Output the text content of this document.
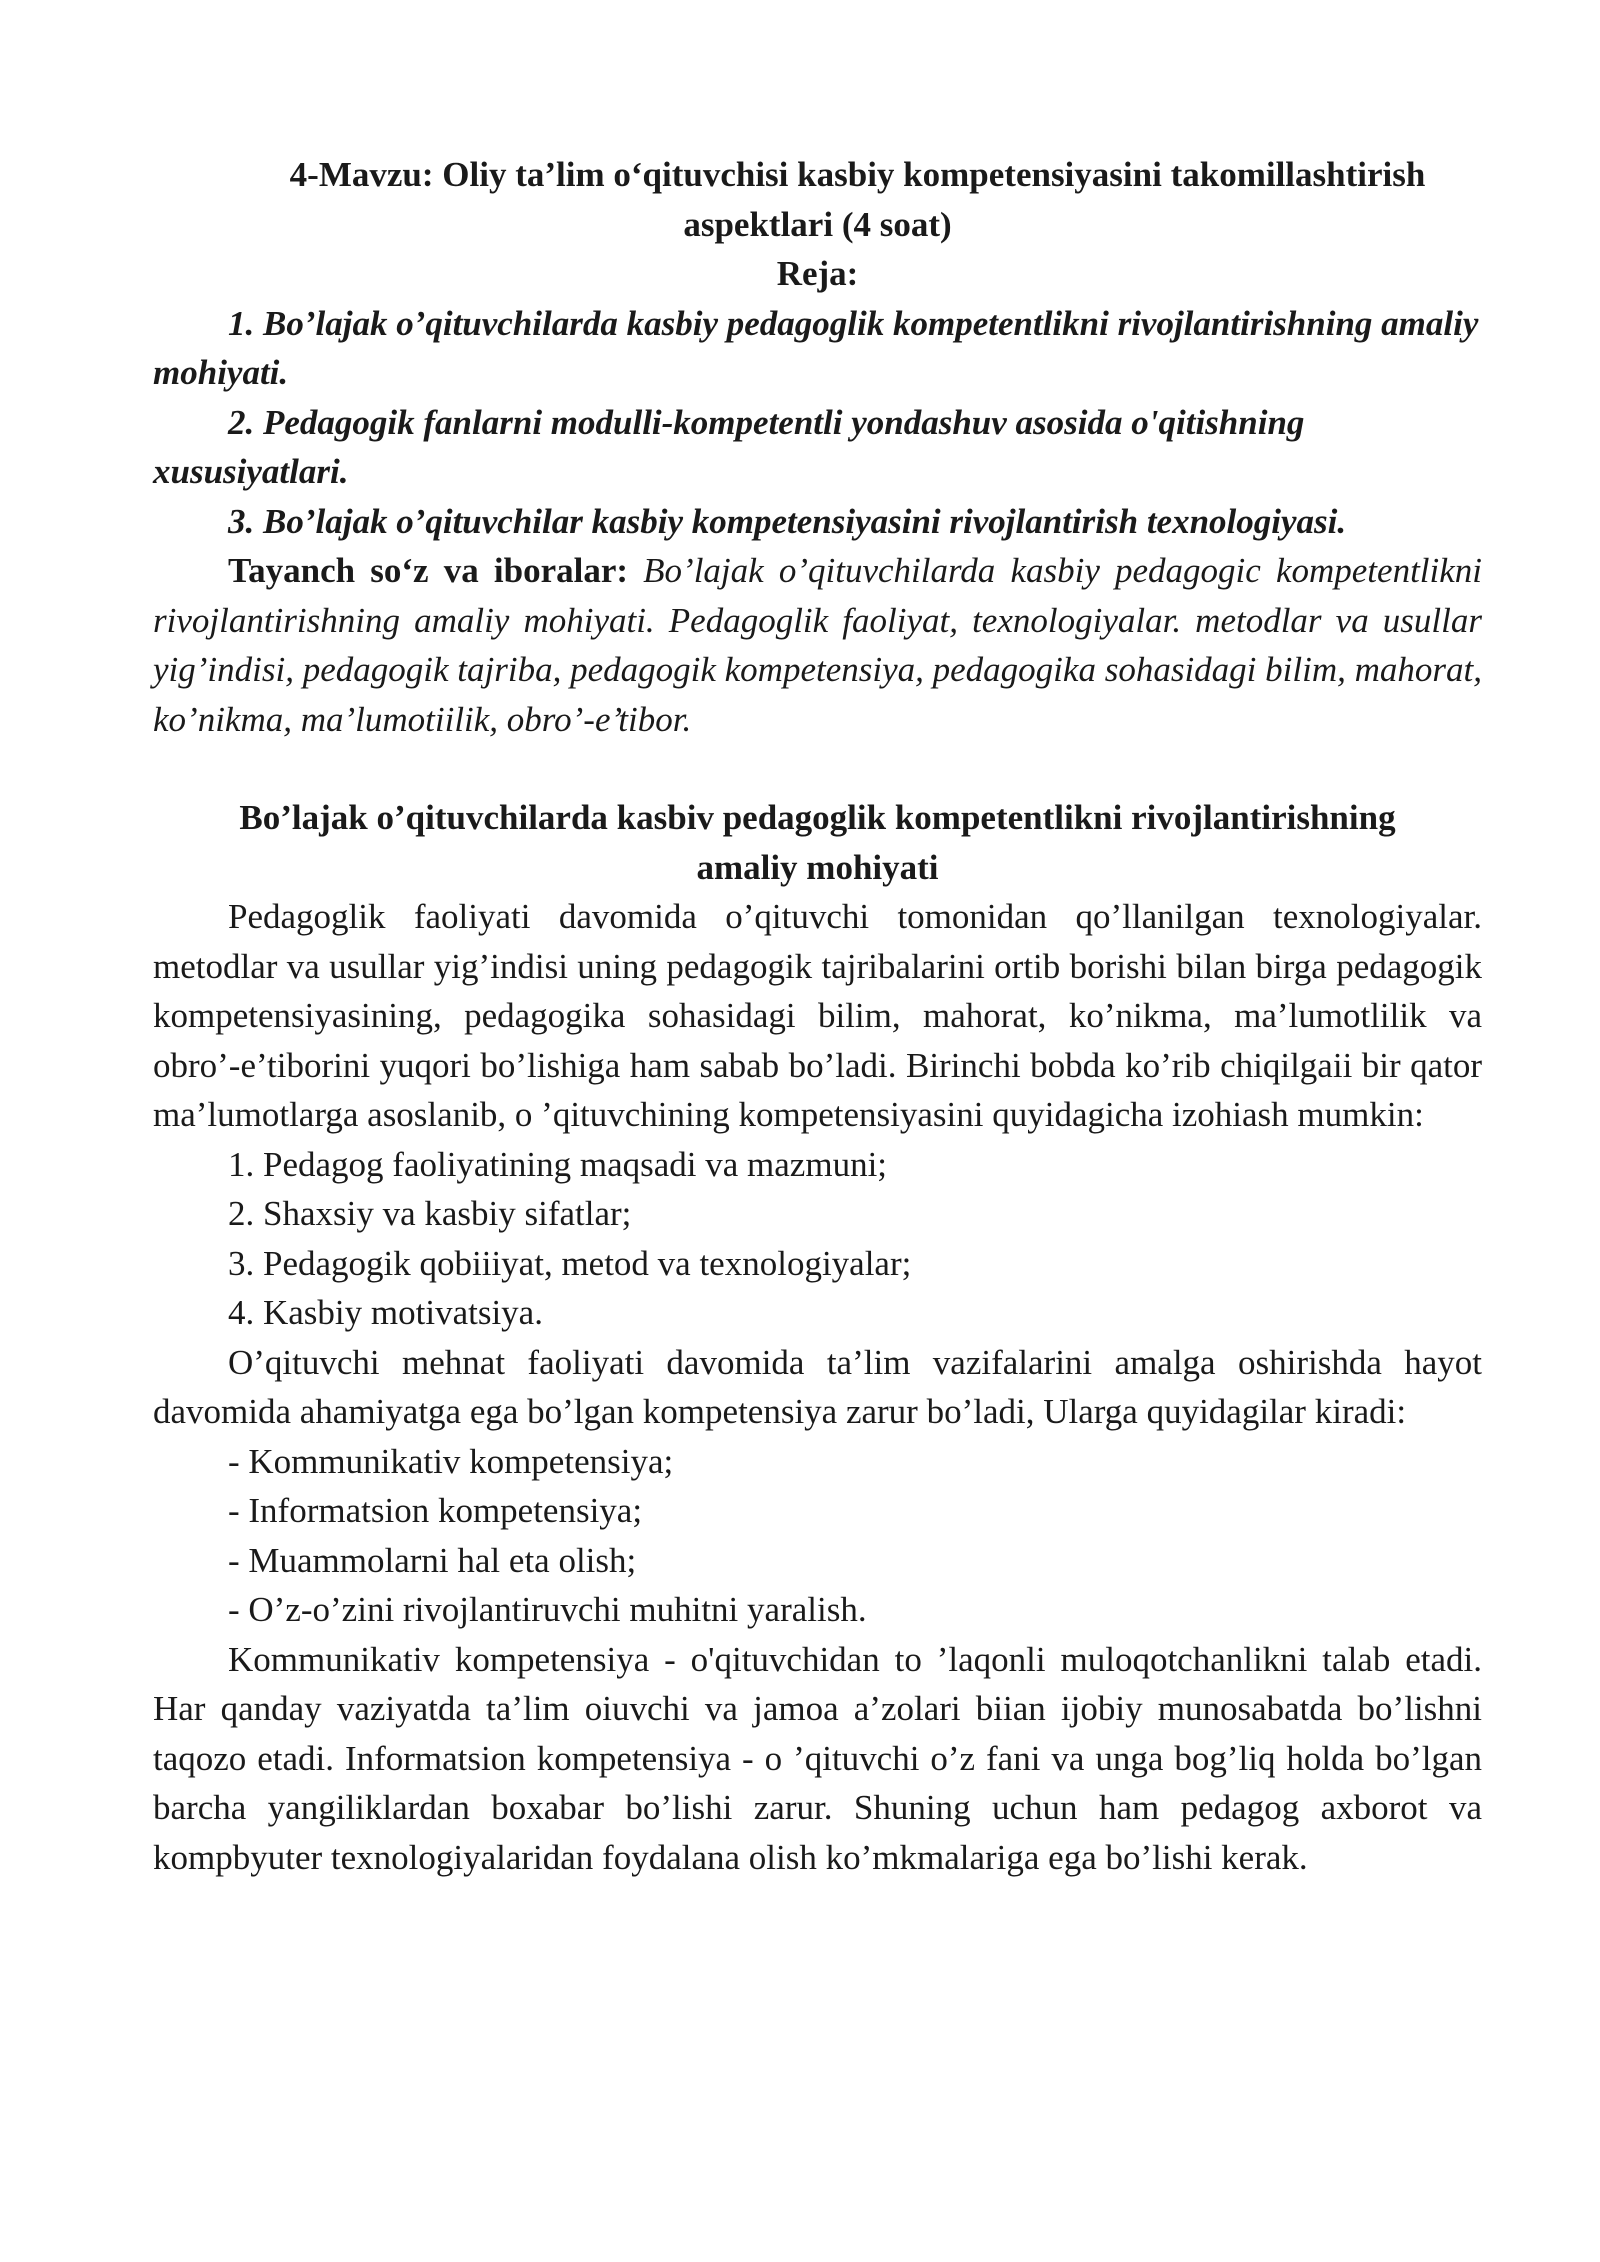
4-Mavzu: Oliy ta’lim o‘qituvchisi kasbiy kompetensiyasini takomillashtirish

aspektlari (4 soat)

Reja:

1. Bo’lajak o’qituvchilarda kasbiy pedagoglik kompetentlikni rivojlantirishning amaliy mohiyati.

2. Pedagogik fanlarni modulli-kompetentli yondashuv asosida o'qitishning xususiyatlari.

3. Bo’lajak o’qituvchilar kasbiy kompetensiyasini rivojlantirish texnologiyasi.

Tayanch so‘z va iboralar: Bo’lajak o’qituvchilarda kasbiy pedagogic kompetentlikni rivojlantirishning amaliy mohiyati. Pedagoglik faoliyat, texnologiyalar. metodlar va usullar yig’indisi, pedagogik tajriba, pedagogik kompetensiya, pedagogika sohasidagi bilim, mahorat, ko’nikma, ma’lumotiilik, obro’-e’tibor.

Bo’lajak o’qituvchilarda kasbiv pedagoglik kompetentlikni rivojlantirishning

amaliy mohiyati

Pedagoglik faoliyati davomida o’qituvchi tomonidan qo’llanilgan texnologiyalar. metodlar va usullar yig’indisi uning pedagogik tajribalarini ortib borishi bilan birga pedagogik kompetensiyasining, pedagogika sohasidagi bilim, mahorat, ko’nikma, ma’lumotlilik va obro’-e’tiborini yuqori bo’lishiga ham sabab bo’ladi. Birinchi bobda ko’rib chiqilgaii bir qator ma’lumotlarga asoslanib, o ’qituvchining kompetensiyasini quyidagicha izohiash mumkin:

1. Pedagog faoliyatining maqsadi va mazmuni;

2. Shaxsiy va kasbiy sifatlar;

3. Pedagogik qobiiiyat, metod va texnologiyalar;

4. Kasbiy motivatsiya.

O’qituvchi mehnat faoliyati davomida ta’lim vazifalarini amalga oshirishda hayot davomida ahamiyatga ega bo’lgan kompetensiya zarur bo’ladi, Ularga quyidagilar kiradi:

- Kommunikativ kompetensiya;

- Informatsion kompetensiya;

- Muammolarni hal eta olish;

- O’z-o’zini rivojlantiruvchi muhitni yaralish.

Kommunikativ kompetensiya - o'qituvchidan to ’laqonli muloqotchanlikni talab etadi. Har qanday vaziyatda ta’lim oiuvchi va jamoa a’zolari biian ijobiy munosabatda bo’lishni taqozo etadi. Informatsion kompetensiya - o ’qituvchi o’z fani va unga bog’liq holda bo’lgan barcha yangiliklardan boxabar bo’lishi zarur. Shuning uchun ham pedagog axborot va kompbyuter texnologiyalaridan foydalana olish ko’mkmalariga ega bo’lishi kerak.
